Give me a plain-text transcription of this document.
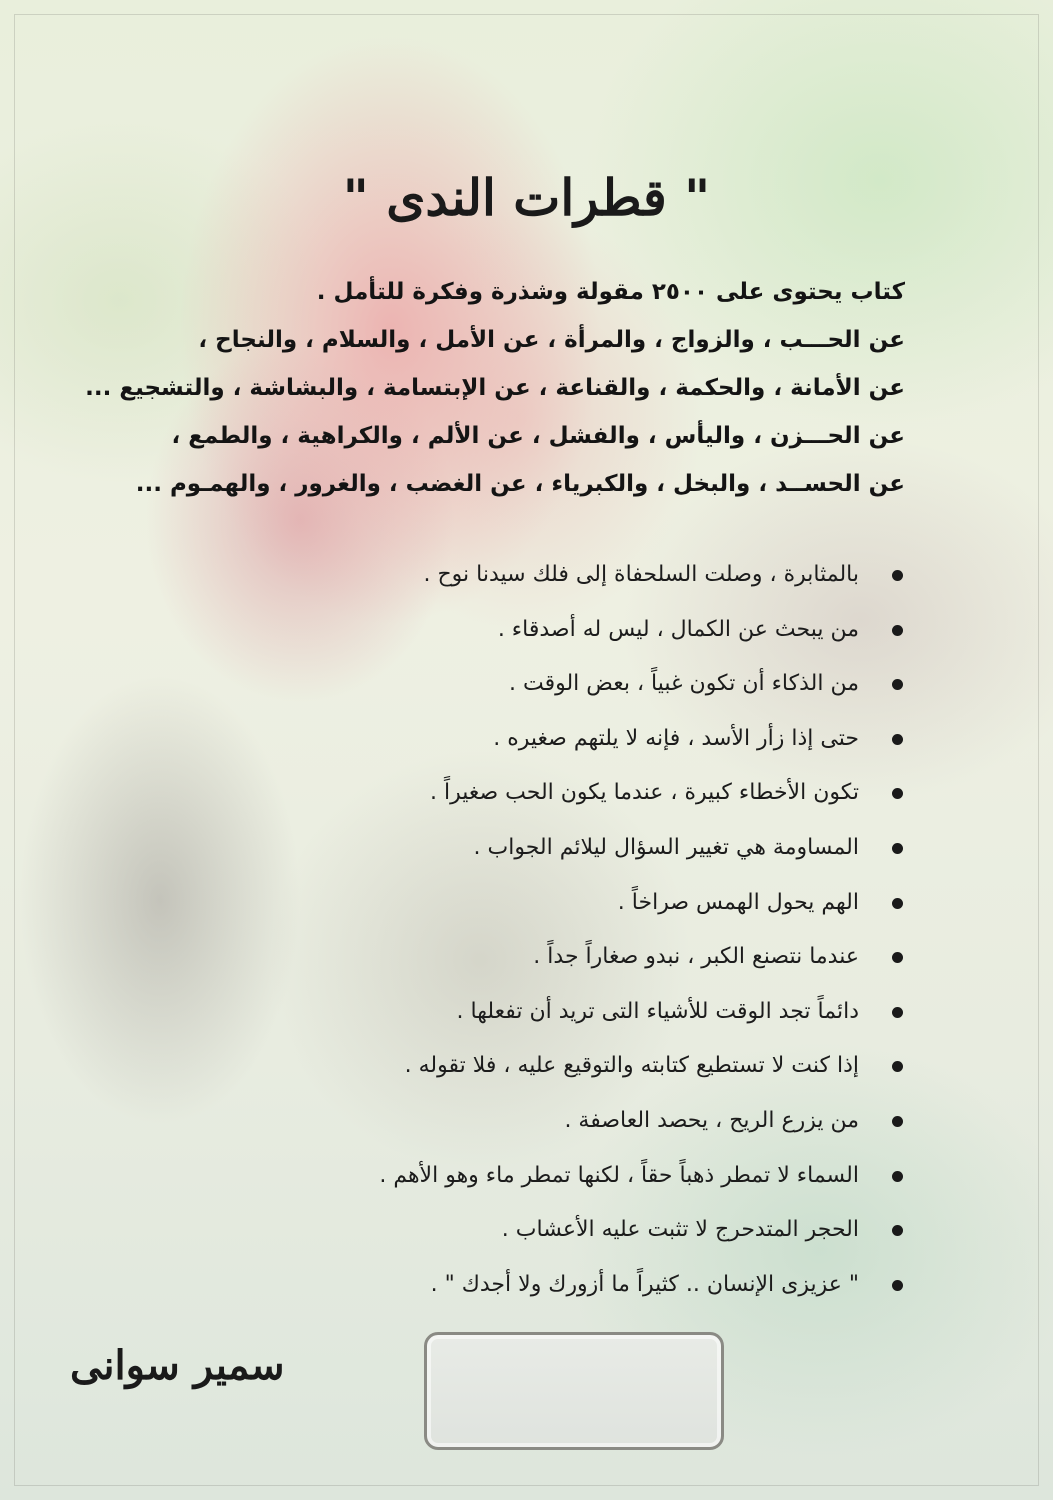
" قطرات الندى "

كتاب يحتوى على ٢٥٠٠ مقولة وشذرة وفكرة للتأمل .

عن الحـــب ، والزواج ، والمرأة ، عن الأمل ، والسلام ، والنجاح ،

عن الأمانة ، والحكمة ، والقناعة ، عن الإبتسامة ، والبشاشة ، والتشجيع ...

عن الحـــزن ، واليأس ، والفشل ، عن الألم ، والكراهية ، والطمع ،

عن الحســد ، والبخل ، والكبرياء ، عن الغضب ، والغرور ، والهمـوم ...

بالمثابرة ، وصلت السلحفاة إلى فلك سيدنا نوح .
من يبحث عن الكمال ، ليس له أصدقاء .
من الذكاء أن تكون غبياً ، بعض الوقت .
حتى إذا زأر الأسد ، فإنه لا يلتهم صغيره .
تكون الأخطاء كبيرة ، عندما يكون الحب صغيراً .
المساومة هي تغيير السؤال ليلائم الجواب .
الهم يحول الهمس صراخاً .
عندما نتصنع الكبر ، نبدو صغاراً جداً .
دائماً تجد الوقت للأشياء التى تريد أن تفعلها .
إذا كنت لا تستطيع كتابته والتوقيع عليه ، فلا تقوله .
من يزرع الريح ، يحصد العاصفة .
السماء لا تمطر ذهباً حقاً ، لكنها تمطر ماء وهو الأهم .
الحجر المتدحرج لا تثبت عليه الأعشاب .
" عزيزى الإنسان .. كثيراً ما أزورك ولا أجدك " .

سمير سوانى
